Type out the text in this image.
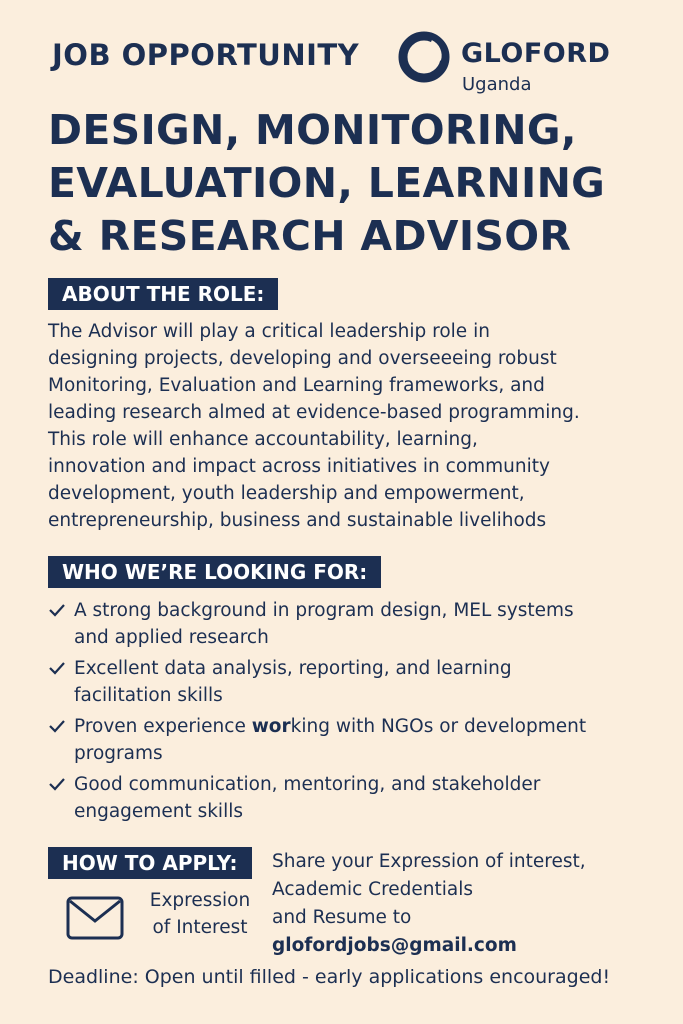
JOB OPPORTUNITY	GLOFORD
Uganda
DESIGN, MONITORING,
EVALUATION, LEARNING
& RESEARCH ADVISOR
ABOUT THE ROLE:
The Advisor will play a critical leadership role in
designing projects, developing and overseeeing robust
Monitoring, Evaluation and Learning frameworks, and
leading research almed at evidence-based programming.
This role will enhance accountability, learning,
innovation and impact across initiatives in community
development, youth leadership and empowerment,
entrepreneurship, business and sustainable livelihods
WHO WE’RE LOOKING FOR:
A strong background in program design, MEL systems
and applied research
Excellent data analysis, reporting, and learning
facilitation skills
Proven experience working with NGOs or development
programs
Good communication, mentoring, and stakeholder
engagement skills
HOW TO APPLY:
Expression
of Interest
Share your Expression of interest,
Academic Credentials
and Resume to
glofordjobs@gmail.com
Deadline: Open until filled - early applications encouraged!
